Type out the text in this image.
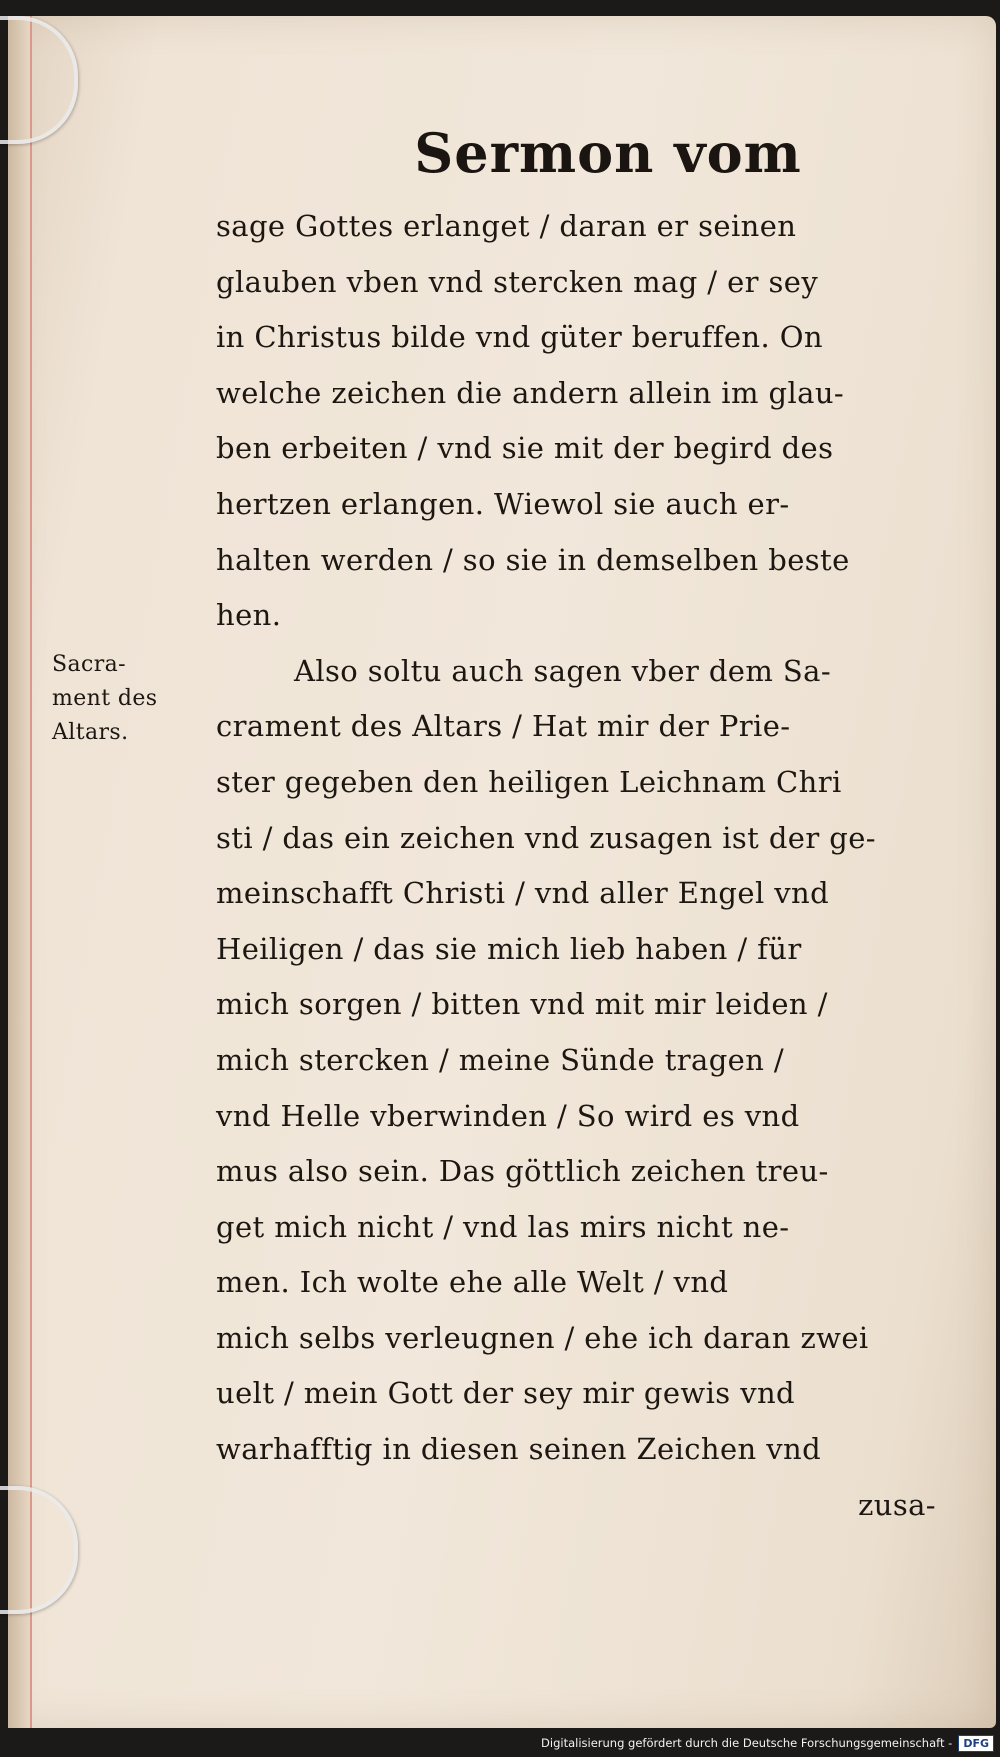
Sermon vom
Sacra-
ment des
Altars.
sage Gottes erlanget / daran er seinen
glauben vben vnd stercken mag / er sey
in Christus bilde vnd güter beruffen. On
welche zeichen die andern allein im glau-
ben erbeiten / vnd sie mit der begird des
hertzen erlangen. Wiewol sie auch er-
halten werden / so sie in demselben beste
hen.
Also soltu auch sagen vber dem Sa-
crament des Altars / Hat mir der Prie-
ster gegeben den heiligen Leichnam Chri
sti / das ein zeichen vnd zusagen ist der ge-
meinschafft Christi / vnd aller Engel vnd
Heiligen / das sie mich lieb haben / für
mich sorgen / bitten vnd mit mir leiden /
mich stercken / meine Sünde tragen /
vnd Helle vberwinden / So wird es vnd
mus also sein. Das göttlich zeichen treu-
get mich nicht / vnd las mirs nicht ne-
men. Ich wolte ehe alle Welt / vnd
mich selbs verleugnen / ehe ich daran zwei
uelt / mein Gott der sey mir gewis vnd
warhafftig in diesen seinen Zeichen vnd
zusa-
Digitalisierung gefördert durch die Deutsche Forschungsgemeinschaft -	DFG
